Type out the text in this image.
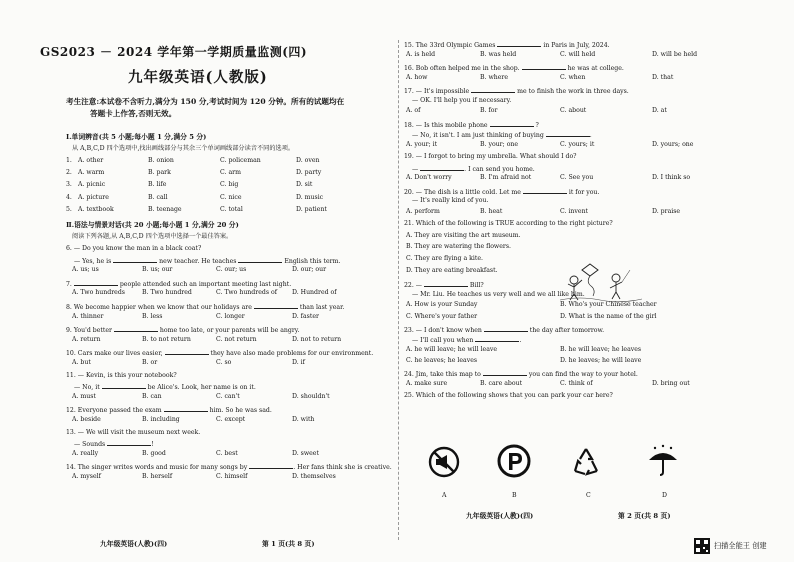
GS2023 － 2024 学年第一学期质量监测(四)
九年级英语(人教版)
考生注意:本试卷不含听力,满分为 150 分,考试时间为 120 分钟。所有的试题均在
答题卡上作答,否则无效。
Ⅰ.单词辨音(共 5 小题;每小题 1 分,满分 5 分)
从 A,B,C,D 四个选项中,找出画线部分与其余三个单词画线部分读音不同的选项。
1. A. other	B. onion	C. policeman	D. oven
2. A. warm	B. park	C. arm	D. party
3. A. picnic	B. life	C. big	D. sit
4. A. picture	B. call	C. nice	D. music
5. A. textbook	B. teenage	C. total	D. patient
Ⅱ.语法与情景对话(共 20 小题;每小题 1 分,满分 20 分)
阅读下列各题,从 A,B,C,D 四个选项中选择一个最佳答案。
6. — Do you know the man in a black coat?
— Yes, he is	new teacher. He teaches	English this term.
A. us; us	B. us; our	C. our; us	D. our; our
7.	people attended such an important meeting last night.
A. Two hundreds	B. Two hundred	C. Two hundreds of D. Hundred of
8. We become happier when we know that our holidays are	than last year.
A. thinner	B. less	C. longer	D. faster
9. You'd better	home too late, or your parents will be angry.
A. return	B. to not return	C. not return	D. not to return
10. Cars make our lives easier,	they have also made problems for our environment.
A. but	B. or	C. so	D. if
11. — Kevin, is this your notebook?
— No, it	be Alice's. Look, her name is on it.
A. must	B. can	C. can't	D. shouldn't
12. Everyone passed the exam	him. So he was sad.
A. beside	B. including	C. except	D. with
13. — We will visit the museum next week.
— Sounds	!
A. really	B. good	C. best	D. sweet
14. The singer writes words and music for many songs by	. Her fans think she is creative.
A. myself	B. herself	C. himself	D. themselves
九年级英语(人教)(四)	第 1 页(共 8 页)
15. The 33rd Olympic Games	in Paris in July, 2024.
A. is held	B. was held	C. will held	D. will be held
16. Bob often helped me in the shop.	he was at college.
A. how	B. where	C. when	D. that
17. — It's impossible	me to finish the work in three days.
— OK. I'll help you if necessary.
A. of	B. for	C. about	D. at
18. — Is this mobile phone	?
— No, it isn't. I am just thinking of buying	.
A. your; it	B. your; one	C. yours; it	D. yours; one
19. — I forgot to bring my umbrella. What should I do?
—	. I can send you home.
A. Don't worry	B. I'm afraid not	C. See you	D. I think so
20. — The dish is a little cold. Let me	it for you.
— It's really kind of you.
A. perform	B. heat	C. invent	D. praise
21. Which of the following is TRUE according to the right picture?
A. They are visiting the art museum.
B. They are watering the flowers.
C. They are flying a kite.
D. They are eating breakfast.
22. —	Bill?
— Mr. Liu. He teaches us very well and we all like him.
A. How is your Sunday	B. Who's your Chinese teacher
C. Where's your father	D. What is the name of the girl
23. — I don't know when	the day after tomorrow.
— I'll call you when	.
A. he will leave; he will leave	B. he will leave; he leaves
C. he leaves; he leaves	D. he leaves; he will leave
24. Jim, take this map to	you can find the way to your hotel.
A. make sure	B. care about	C. think of	D. bring out
25. Which of the following shows that you can park your car here?
A	B	C	D
九年级英语(人教)(四)	第 2 页(共 8 页)
扫描全能王 创建
